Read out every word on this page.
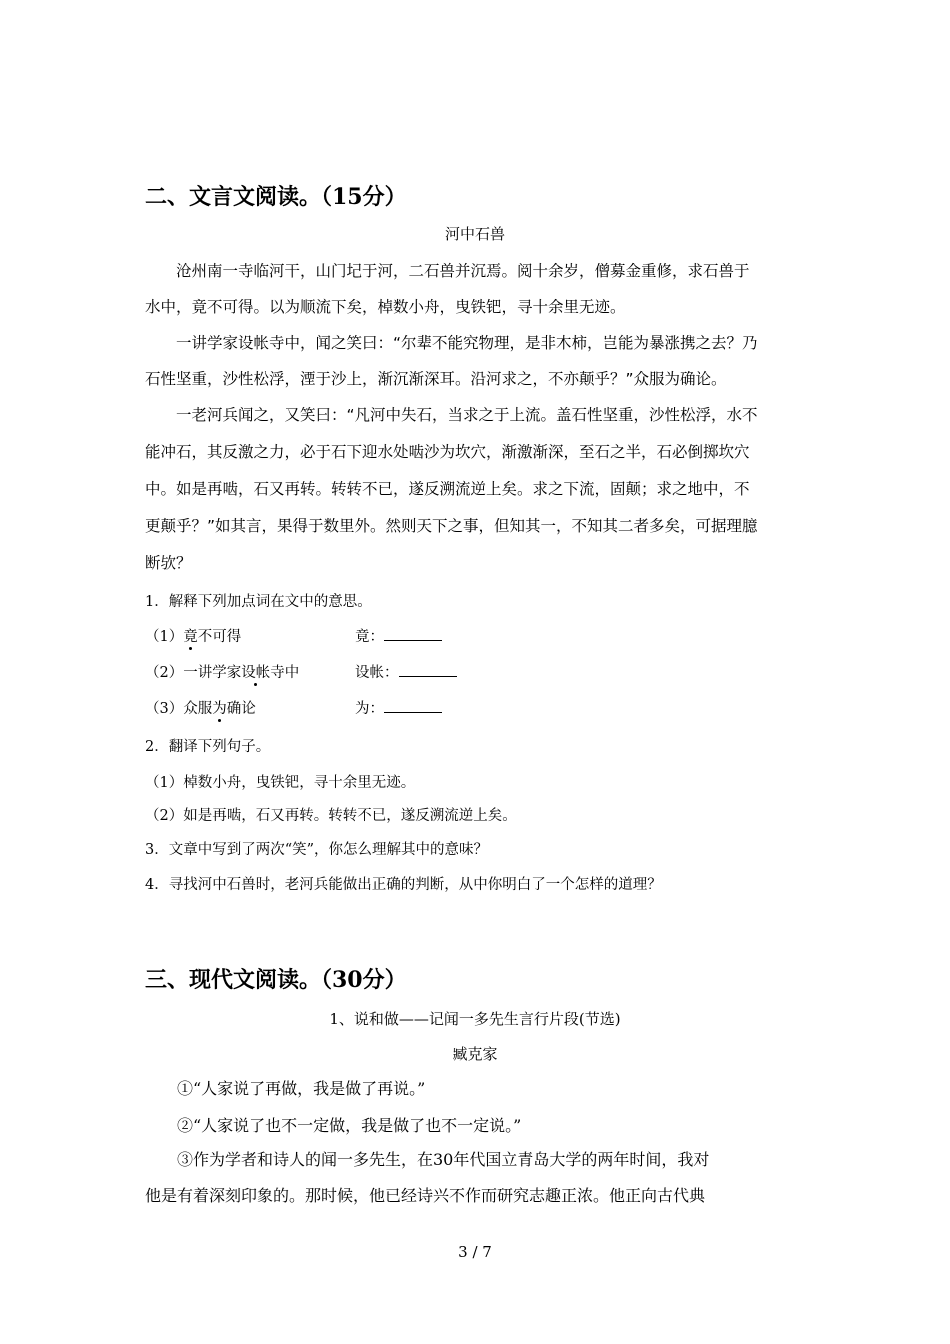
二、文言文阅读。（15分）
河中石兽
　　沧州南一寺临河干，山门圮于河，二石兽并沉焉。阅十余岁，僧募金重修，求石兽于
水中，竟不可得。以为顺流下矣，棹数小舟，曳铁钯，寻十余里无迹。
　　一讲学家设帐寺中，闻之笑曰：“尔辈不能究物理，是非木柿，岂能为暴涨携之去？乃
石性坚重，沙性松浮，湮于沙上，渐沉渐深耳。沿河求之，不亦颠乎？”众服为确论。
　　一老河兵闻之，又笑曰：“凡河中失石，当求之于上流。盖石性坚重，沙性松浮，水不
能冲石，其反激之力，必于石下迎水处啮沙为坎穴，渐激渐深，至石之半，石必倒掷坎穴
中。如是再啮，石又再转。转转不已，遂反溯流逆上矣。求之下流，固颠；求之地中，不
更颠乎？”如其言，果得于数里外。然则天下之事，但知其一，不知其二者多矣，可据理臆
断欤？
1．解释下列加点词在文中的意思。
（1）竟不可得	竟：
（2）一讲学家设帐寺中	设帐：
（3）众服为确论	为：
2．翻译下列句子。
（1）棹数小舟，曳铁钯，寻十余里无迹。
（2）如是再啮，石又再转。转转不已，遂反溯流逆上矣。
3．文章中写到了两次“笑”，你怎么理解其中的意味？
4．寻找河中石兽时，老河兵能做出正确的判断，从中你明白了一个怎样的道理？
三、现代文阅读。（30分）
1、说和做——记闻一多先生言行片段(节选)
臧克家
　　①“人家说了再做，我是做了再说。”
　　②“人家说了也不一定做，我是做了也不一定说。”
　　③作为学者和诗人的闻一多先生，在30年代国立青岛大学的两年时间，我对
他是有着深刻印象的。那时候，他已经诗兴不作而研究志趣正浓。他正向古代典
3 / 7
